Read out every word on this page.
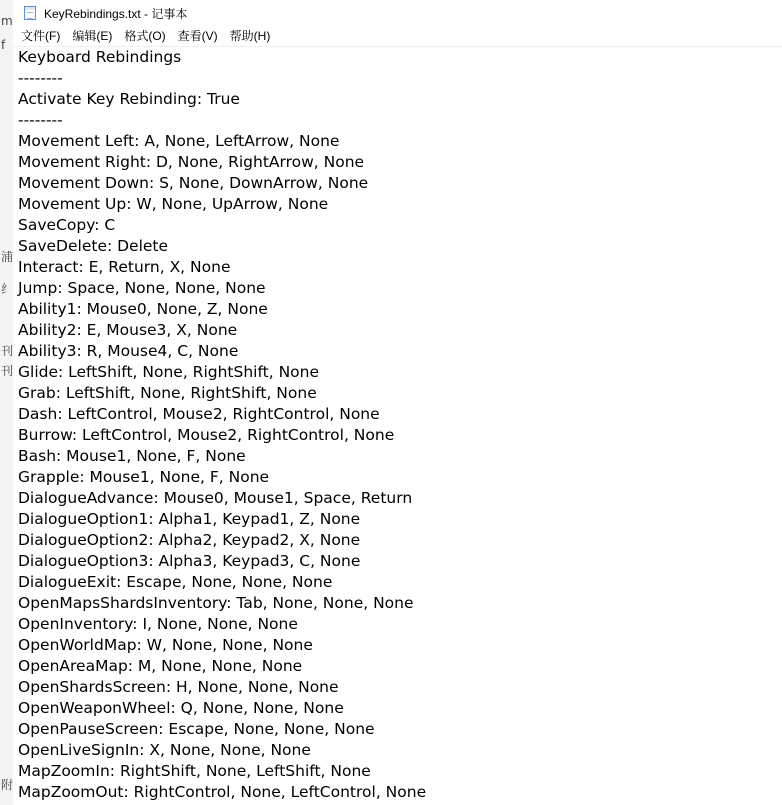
m
f
浦
纟
刊
刊
附
KeyRebindings.txt - 记事本
文件(F)	编辑(E)	格式(O)	查看(V)	帮助(H)
Keyboard Rebindings
--------
Activate Key Rebinding: True
--------
Movement Left: A, None, LeftArrow, None
Movement Right: D, None, RightArrow, None
Movement Down: S, None, DownArrow, None
Movement Up: W, None, UpArrow, None
SaveCopy: C
SaveDelete: Delete
Interact: E, Return, X, None
Jump: Space, None, None, None
Ability1: Mouse0, None, Z, None
Ability2: E, Mouse3, X, None
Ability3: R, Mouse4, C, None
Glide: LeftShift, None, RightShift, None
Grab: LeftShift, None, RightShift, None
Dash: LeftControl, Mouse2, RightControl, None
Burrow: LeftControl, Mouse2, RightControl, None
Bash: Mouse1, None, F, None
Grapple: Mouse1, None, F, None
DialogueAdvance: Mouse0, Mouse1, Space, Return
DialogueOption1: Alpha1, Keypad1, Z, None
DialogueOption2: Alpha2, Keypad2, X, None
DialogueOption3: Alpha3, Keypad3, C, None
DialogueExit: Escape, None, None, None
OpenMapsShardsInventory: Tab, None, None, None
OpenInventory: I, None, None, None
OpenWorldMap: W, None, None, None
OpenAreaMap: M, None, None, None
OpenShardsScreen: H, None, None, None
OpenWeaponWheel: Q, None, None, None
OpenPauseScreen: Escape, None, None, None
OpenLiveSignIn: X, None, None, None
MapZoomIn: RightShift, None, LeftShift, None
MapZoomOut: RightControl, None, LeftControl, None
